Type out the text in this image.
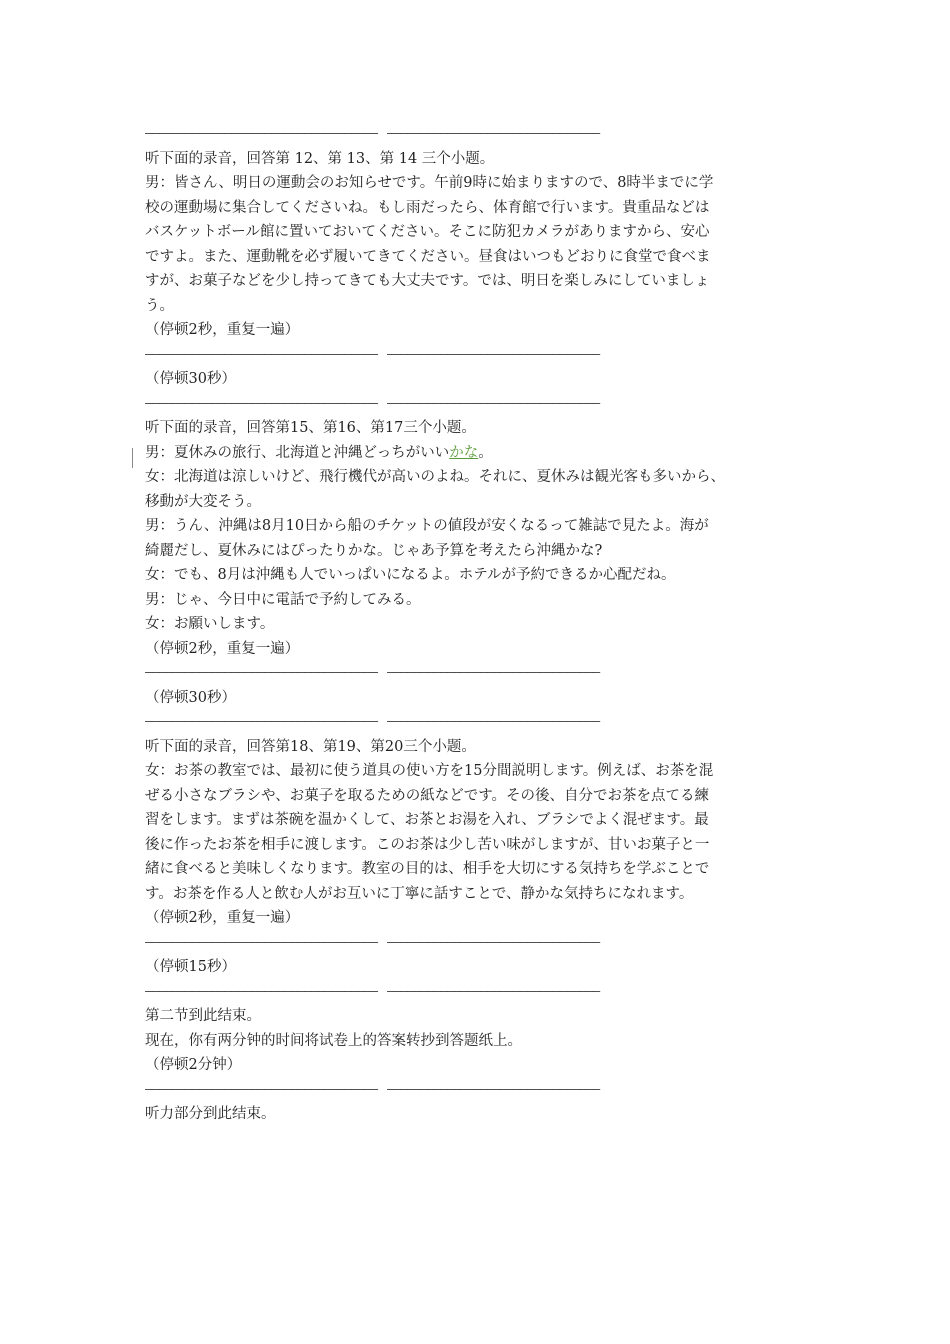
——————————————————————————————————— ————————————————————————————————
听下面的录音，回答第 12、第 13、第 14 三个小题。
男：皆さん、明日の運動会のお知らせです。午前9時に始まりますので、8時半までに学
校の運動場に集合してくださいね。もし雨だったら、体育館で行います。貴重品などは
バスケットボール館に置いておいてください。そこに防犯カメラがありますから、安心
ですよ。また、運動靴を必ず履いてきてください。昼食はいつもどおりに食堂で食べま
すが、お菓子などを少し持ってきても大丈夫です。では、明日を楽しみにしていましょ
う。
（停顿2秒，重复一遍）
——————————————————————————————————— ————————————————————————————————
（停顿30秒）
——————————————————————————————————— ————————————————————————————————
听下面的录音，回答第15、第16、第17三个小题。
男：夏休みの旅行、北海道と沖縄どっちがいいかな。
女：北海道は涼しいけど、飛行機代が高いのよね。それに、夏休みは観光客も多いから、
移動が大変そう。
男：うん、沖縄は8月10日から船のチケットの値段が安くなるって雑誌で見たよ。海が
綺麗だし、夏休みにはぴったりかな。じゃあ予算を考えたら沖縄かな?
女：でも、8月は沖縄も人でいっぱいになるよ。ホテルが予約できるか心配だね。
男：じゃ、今日中に電話で予約してみる。
女：お願いします。
（停顿2秒，重复一遍）
——————————————————————————————————— ————————————————————————————————
（停顿30秒）
——————————————————————————————————— ————————————————————————————————
听下面的录音，回答第18、第19、第20三个小题。
女：お茶の教室では、最初に使う道具の使い方を15分間説明します。例えば、お茶を混
ぜる小さなブラシや、お菓子を取るための紙などです。その後、自分でお茶を点てる練
習をします。まずは茶碗を温かくして、お茶とお湯を入れ、ブラシでよく混ぜます。最
後に作ったお茶を相手に渡します。このお茶は少し苦い味がしますが、甘いお菓子と一
緒に食べると美味しくなります。教室の目的は、相手を大切にする気持ちを学ぶことで
す。お茶を作る人と飲む人がお互いに丁寧に話すことで、静かな気持ちになれます。
（停顿2秒，重复一遍）
——————————————————————————————————— ————————————————————————————————
（停顿15秒）
——————————————————————————————————— ————————————————————————————————
第二节到此结束。
现在，你有两分钟的时间将试卷上的答案转抄到答题纸上。
（停顿2分钟）
——————————————————————————————————— ————————————————————————————————
听力部分到此结束。
